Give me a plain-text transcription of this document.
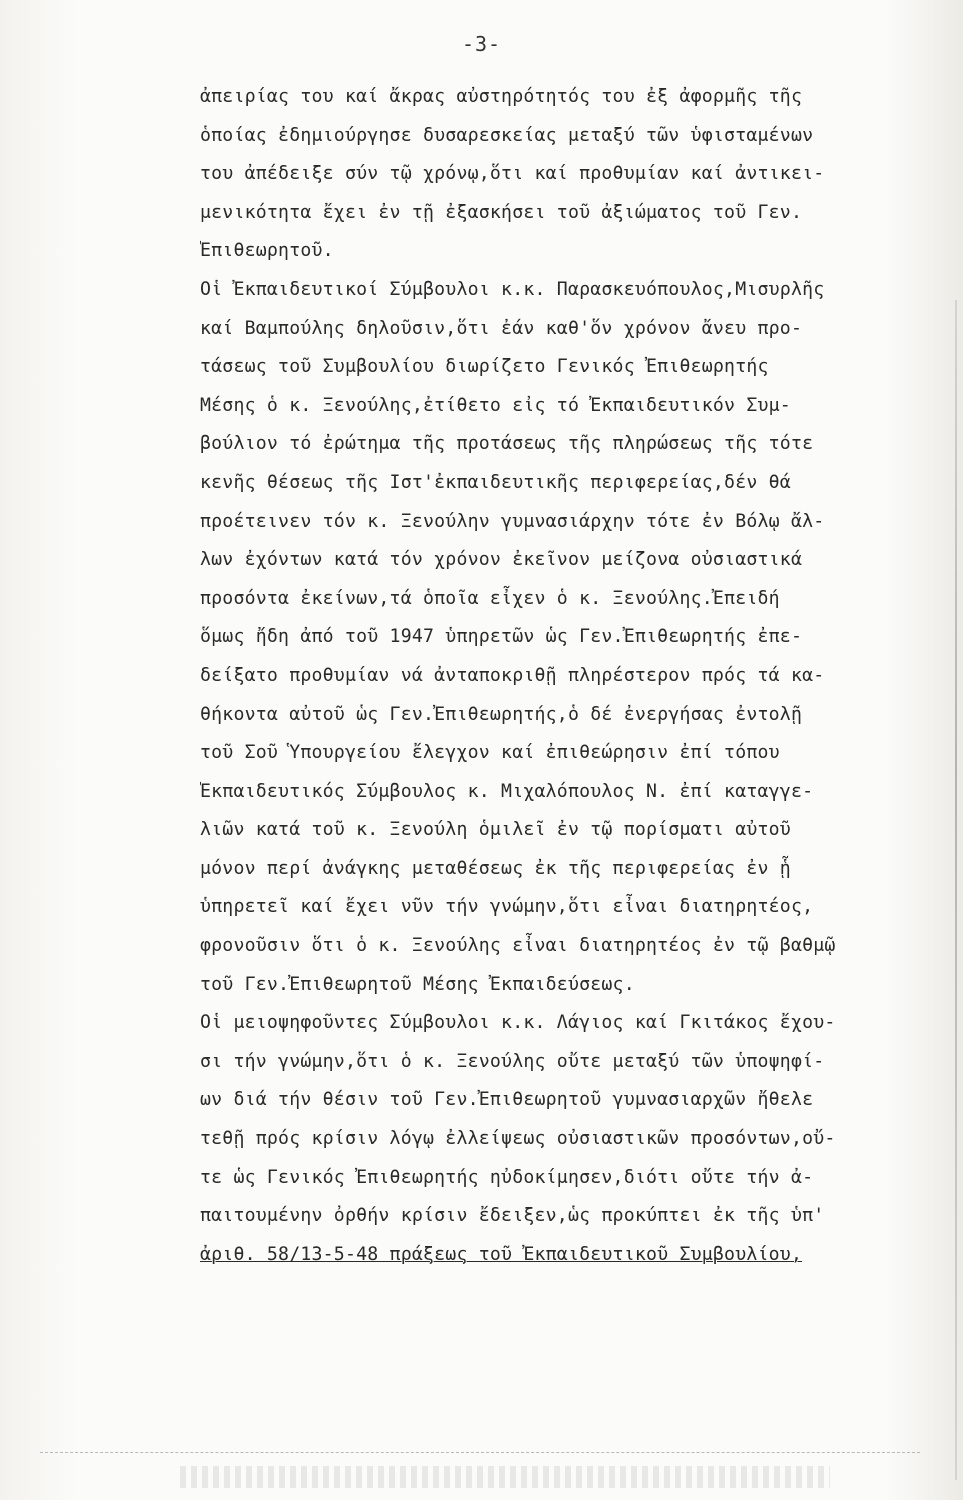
-3-
ἀπειρίας του καί ἄκρας αὐστηρότητός του ἐξ ἀφορμῆς τῆς
ὁποίας ἐδημιούργησε δυσαρεσκείας μεταξύ τῶν ὑφισταμένων
του ἀπέδειξε σύν τῷ χρόνῳ,ὅτι καί προθυμίαν καί ἀντικει-
μενικότητα ἔχει ἐν τῇ ἐξασκήσει τοῦ ἀξιώματος τοῦ Γεν.
Ἐπιθεωρητοῦ.
Οἱ Ἐκπαιδευτικοί Σύμβουλοι κ.κ. Παρασκευόπουλος,Μισυρλῆς
καί Βαμπούλης δηλοῦσιν,ὅτι ἐάν καθ'ὅν χρόνον ἄνευ προ-
τάσεως τοῦ Συμβουλίου διωρίζετο Γενικός Ἐπιθεωρητής
Μέσης ὁ κ. Ξενούλης,ἐτίθετο εἰς τό Ἐκπαιδευτικόν Συμ-
βούλιον τό ἐρώτημα τῆς προτάσεως τῆς πληρώσεως τῆς τότε
κενῆς θέσεως τῆς Ιστ'ἐκπαιδευτικῆς περιφερείας,δέν θά
προέτεινεν τόν κ. Ξενούλην γυμνασιάρχην τότε ἐν Βόλῳ ἄλ-
λων ἐχόντων κατά τόν χρόνον ἐκεῖνον μείζονα οὐσιαστικά
προσόντα ἐκείνων,τά ὁποῖα εἶχεν ὁ κ. Ξενούλης.Ἐπειδή
ὅμως ἤδη ἀπό τοῦ 1947 ὑπηρετῶν ὡς Γεν.Ἐπιθεωρητής ἐπε-
δείξατο προθυμίαν νά ἀνταποκριθῇ πληρέστερον πρός τά κα-
θήκοντα αὐτοῦ ὡς Γεν.Ἐπιθεωρητής,ὁ δέ ἐνεργήσας ἐντολῇ
τοῦ Σοῦ Ὑπουργείου ἔλεγχον καί ἐπιθεώρησιν ἐπί τόπου
Ἐκπαιδευτικός Σύμβουλος κ. Μιχαλόπουλος Ν. ἐπί καταγγε-
λιῶν κατά τοῦ κ. Ξενούλη ὁμιλεῖ ἐν τῷ πορίσματι αὐτοῦ
μόνον περί ἀνάγκης μεταθέσεως ἐκ τῆς περιφερείας ἐν ᾗ
ὑπηρετεῖ καί ἔχει νῦν τήν γνώμην,ὅτι εἶναι διατηρητέος,
φρονοῦσιν ὅτι ὁ κ. Ξενούλης εἶναι διατηρητέος ἐν τῷ βαθμῷ
τοῦ Γεν.Ἐπιθεωρητοῦ Μέσης Ἐκπαιδεύσεως.
Οἱ μειοψηφοῦντες Σύμβουλοι κ.κ. Λάγιος καί Γκιτάκος ἔχου-
σι τήν γνώμην,ὅτι ὁ κ. Ξενούλης οὔτε μεταξύ τῶν ὑποψηφί-
ων διά τήν θέσιν τοῦ Γεν.Ἐπιθεωρητοῦ γυμνασιαρχῶν ἤθελε
τεθῇ πρός κρίσιν λόγῳ ἐλλείψεως οὐσιαστικῶν προσόντων,οὔ-
τε ὡς Γενικός Ἐπιθεωρητής ηὐδοκίμησεν,διότι οὔτε τήν ἀ-
παιτουμένην ὀρθήν κρίσιν ἔδειξεν,ὡς προκύπτει ἐκ τῆς ὑπ'
ἀριθ. 58/13-5-48 πράξεως τοῦ Ἐκπαιδευτικοῦ Συμβουλίου,
